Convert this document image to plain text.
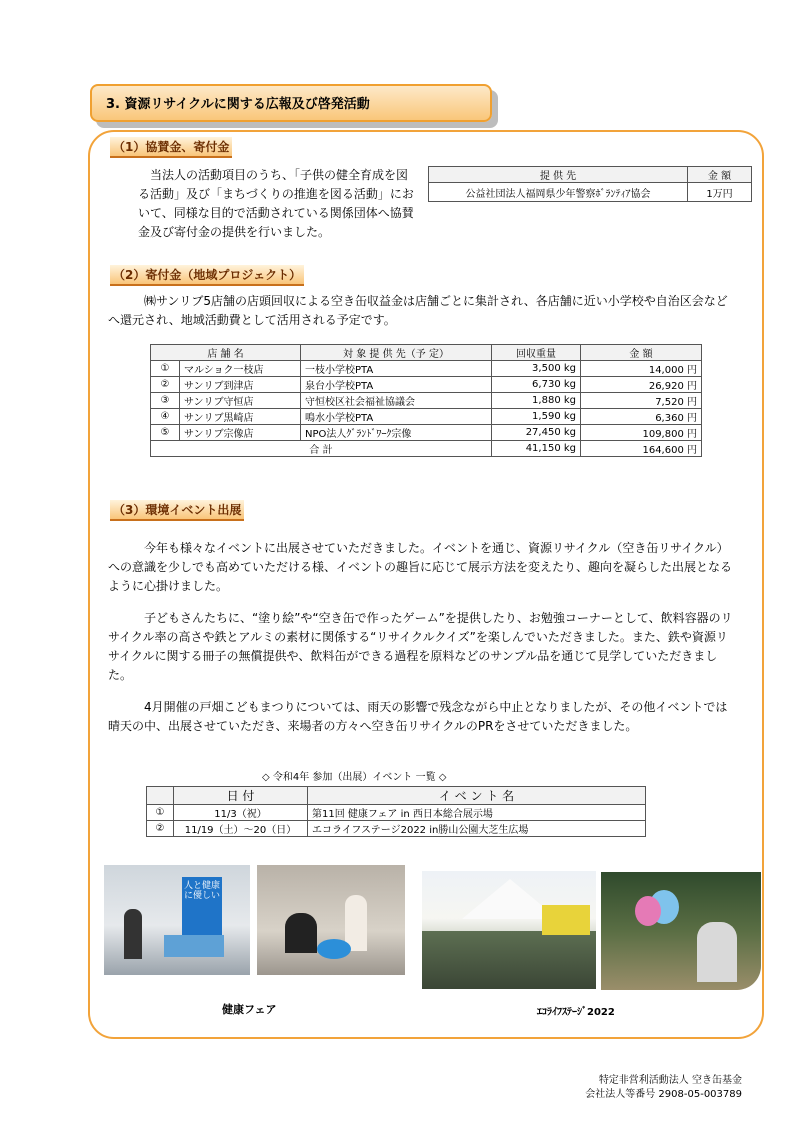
3. 資源リサイクルに関する広報及び啓発活動
（1）協賛金、寄付金
当法人の活動項目のうち、「子供の健全育成を図る活動」及び「まちづくりの推進を図る活動」において、同様な目的で活動されている関係団体へ協賛金及び寄付金の提供を行いました。
提 供 先	金 額
公益社団法人福岡県少年警察ﾎﾞﾗﾝﾃｨｱ協会	1万円
（2）寄付金（地域プロジェクト）
㈱サンリブ5店舗の店頭回収による空き缶収益金は店舗ごとに集計され、各店舗に近い小学校や自治区会などへ還元され、地域活動費として活用される予定です。
店 舗 名		対 象 提 供 先（予 定）	回収重量	金 額
①	マルショク一枝店	一枝小学校PTA	3,500 kg	14,000 円
②	サンリブ到津店	泉台小学校PTA	6,730 kg	26,920 円
③	サンリブ守恒店	守恒校区社会福祉協議会	1,880 kg	7,520 円
④	サンリブ黒崎店	鳴水小学校PTA	1,590 kg	6,360 円
⑤	サンリブ宗像店	NPO法人ｸﾞﾗﾝﾄﾞﾜｰｸ宗像	27,450 kg	109,800 円
合 計			41,150 kg	164,600 円
（3）環境イベント出展
今年も様々なイベントに出展させていただきました。イベントを通じ、資源リサイクル（空き缶リサイクル）への意識を少しでも高めていただける様、イベントの趣旨に応じて展示方法を変えたり、趣向を凝らした出展となるように心掛けました。
子どもさんたちに、“塗り絵”や“空き缶で作ったゲーム”を提供したり、お勉強コーナーとして、飲料容器のリサイクル率の高さや鉄とアルミの素材に関係する“リサイクルクイズ”を楽しんでいただきました。また、鉄や資源リサイクルに関する冊子の無償提供や、飲料缶ができる過程を原料などのサンプル品を通じて見学していただきました。
4月開催の戸畑こどもまつりについては、雨天の影響で残念ながら中止となりましたが、その他イベントでは晴天の中、出展させていただき、来場者の方々へ空き缶リサイクルのPRをさせていただきました。
◇ 令和4年 参加（出展）イベント 一覧 ◇
	日 付	イ ベ ン ト 名
①	11/3（祝）	第11回 健康フェア in 西日本総合展示場
②	11/19（土）～20（日）	エコライフステージ2022 in勝山公園大芝生広場
人と健康に優しい
健康フェア	ｴｺﾗｲﾌｽﾃｰｼﾞ2022
特定非営利活動法人 空き缶基金
会社法人等番号 2908-05-003789
